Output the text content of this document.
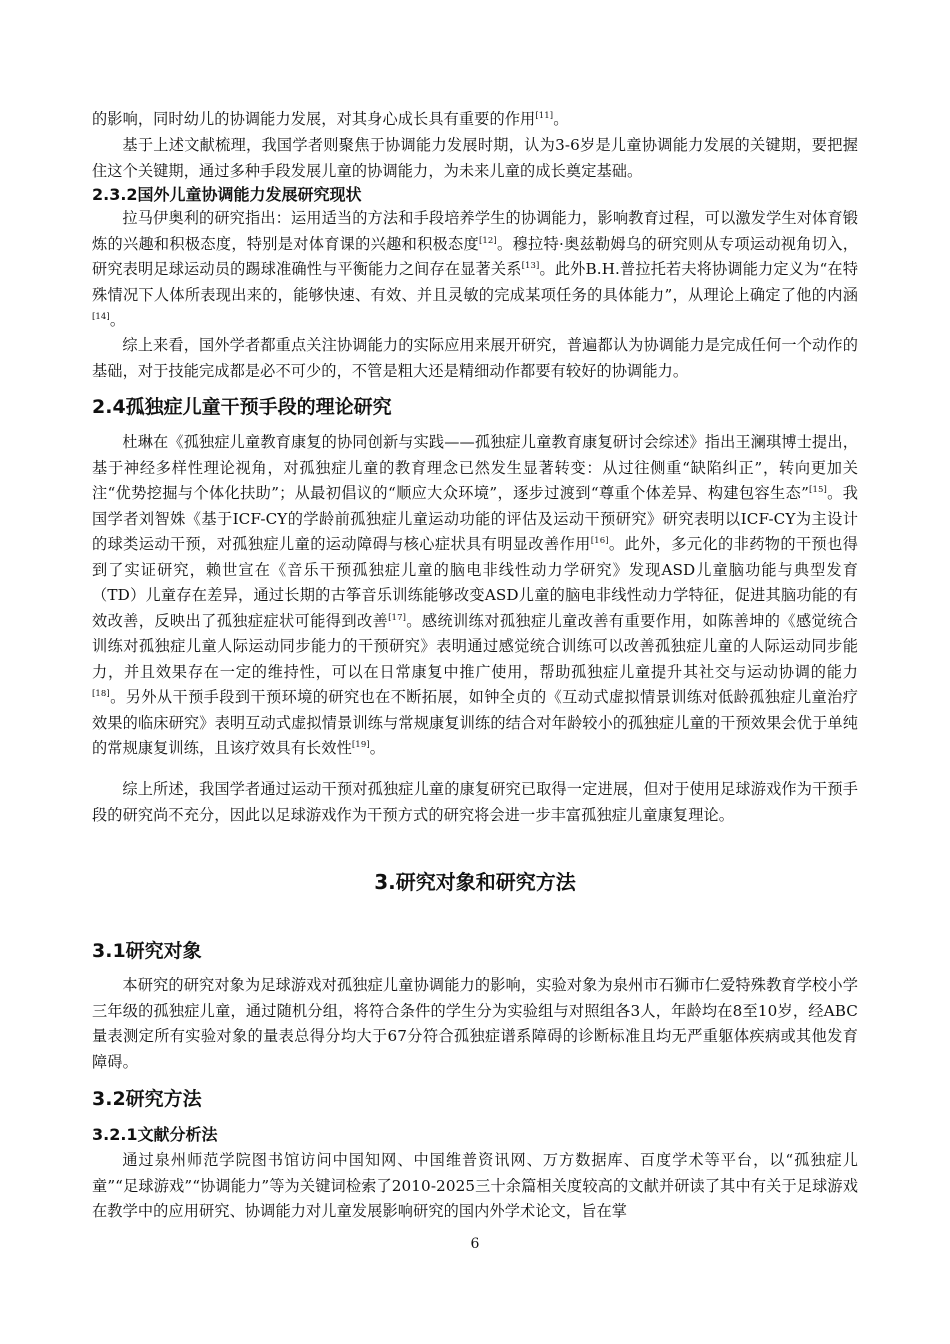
的影响，同时幼儿的协调能力发展，对其身心成长具有重要的作用[11]。

基于上述文献梳理，我国学者则聚焦于协调能力发展时期，认为3-6岁是儿童协调能力发展的关键期，要把握住这个关键期，通过多种手段发展儿童的协调能力，为未来儿童的成长奠定基础。

2.3.2国外儿童协调能力发展研究现状

拉马伊奥利的研究指出：运用适当的方法和手段培养学生的协调能力，影响教育过程，可以激发学生对体育锻炼的兴趣和积极态度，特别是对体育课的兴趣和积极态度[12]。穆拉特·奥兹勒姆乌的研究则从专项运动视角切入，研究表明足球运动员的踢球准确性与平衡能力之间存在显著关系[13]。此外B.H.普拉托若夫将协调能力定义为“在特殊情况下人体所表现出来的，能够快速、有效、并且灵敏的完成某项任务的具体能力”，从理论上确定了他的内涵[14]。

综上来看，国外学者都重点关注协调能力的实际应用来展开研究，普遍都认为协调能力是完成任何一个动作的基础，对于技能完成都是必不可少的，不管是粗大还是精细动作都要有较好的协调能力。

2.4孤独症儿童干预手段的理论研究

杜琳在《孤独症儿童教育康复的协同创新与实践——孤独症儿童教育康复研讨会综述》指出王澜琪博士提出，基于神经多样性理论视角，对孤独症儿童的教育理念已然发生显著转变：从过往侧重“缺陷纠正”，转向更加关注“优势挖掘与个体化扶助”；从最初倡议的“顺应大众环境”，逐步过渡到“尊重个体差异、构建包容生态”[15]。我国学者刘智姝《基于ICF-CY的学龄前孤独症儿童运动功能的评估及运动干预研究》研究表明以ICF-CY为主设计的球类运动干预，对孤独症儿童的运动障碍与核心症状具有明显改善作用[16]。此外，多元化的非药物的干预也得到了实证研究，赖世宣在《音乐干预孤独症儿童的脑电非线性动力学研究》发现ASD儿童脑功能与典型发育（TD）儿童存在差异，通过长期的古筝音乐训练能够改变ASD儿童的脑电非线性动力学特征，促进其脑功能的有效改善，反映出了孤独症症状可能得到改善[17]。感统训练对孤独症儿童改善有重要作用，如陈善坤的《感觉统合训练对孤独症儿童人际运动同步能力的干预研究》表明通过感觉统合训练可以改善孤独症儿童的人际运动同步能力，并且效果存在一定的维持性，可以在日常康复中推广使用，帮助孤独症儿童提升其社交与运动协调的能力[18]。另外从干预手段到干预环境的研究也在不断拓展，如钟全贞的《互动式虚拟情景训练对低龄孤独症儿童治疗效果的临床研究》表明互动式虚拟情景训练与常规康复训练的结合对年龄较小的孤独症儿童的干预效果会优于单纯的常规康复训练，且该疗效具有长效性[19]。

综上所述，我国学者通过运动干预对孤独症儿童的康复研究已取得一定进展，但对于使用足球游戏作为干预手段的研究尚不充分，因此以足球游戏作为干预方式的研究将会进一步丰富孤独症儿童康复理论。

3.研究对象和研究方法
3.1研究对象

本研究的研究对象为足球游戏对孤独症儿童协调能力的影响，实验对象为泉州市石狮市仁爱特殊教育学校小学三年级的孤独症儿童，通过随机分组，将符合条件的学生分为实验组与对照组各3人，年龄均在8至10岁，经ABC量表测定所有实验对象的量表总得分均大于67分符合孤独症谱系障碍的诊断标准且均无严重躯体疾病或其他发育障碍。

3.2研究方法
3.2.1文献分析法

通过泉州师范学院图书馆访问中国知网、中国维普资讯网、万方数据库、百度学术等平台，以“孤独症儿童”“足球游戏”“协调能力”等为关键词检索了2010-2025三十余篇相关度较高的文献并研读了其中有关于足球游戏在教学中的应用研究、协调能力对儿童发展影响研究的国内外学术论文，旨在掌

6
